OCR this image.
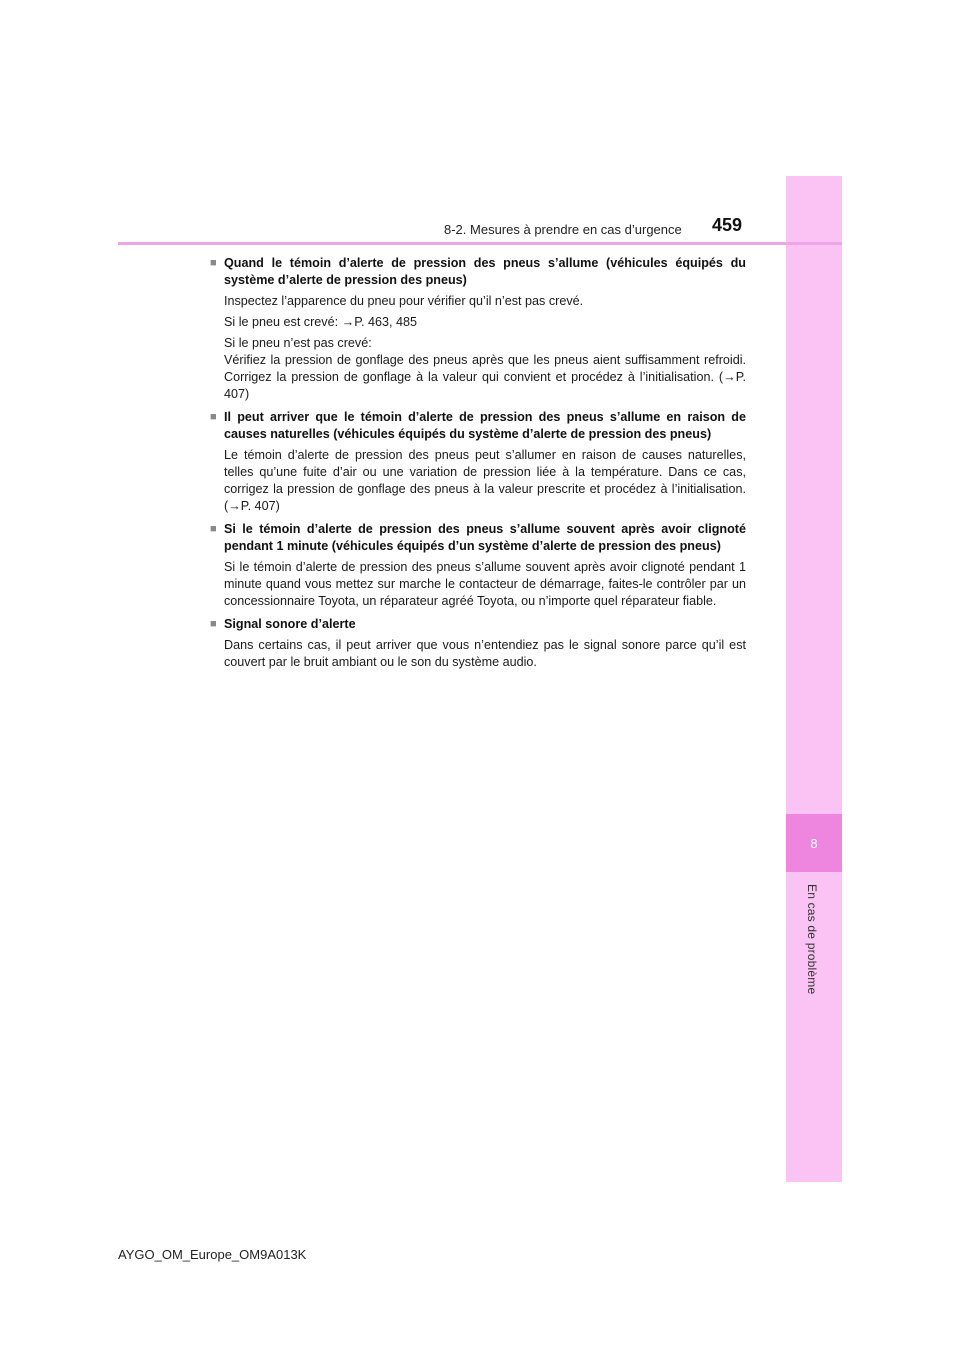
8
En cas de problème
8-2. Mesures à prendre en cas d’urgence 459
■ Quand le témoin d’alerte de pression des pneus s’allume (véhicules équipés du système d’alerte de pression des pneus)

Inspectez l’apparence du pneu pour vérifier qu’il n’est pas crevé.

Si le pneu est crevé: →P. 463, 485

Si le pneu n’est pas crevé:

Vérifiez la pression de gonflage des pneus après que les pneus aient suffisamment refroidi. Corrigez la pression de gonflage à la valeur qui convient et procédez à l’initialisation. (→P. 407)

■ Il peut arriver que le témoin d’alerte de pression des pneus s’allume en raison de causes naturelles (véhicules équipés du système d’alerte de pression des pneus)

Le témoin d’alerte de pression des pneus peut s’allumer en raison de causes naturelles, telles qu’une fuite d’air ou une variation de pression liée à la température. Dans ce cas, corrigez la pression de gonflage des pneus à la valeur prescrite et procédez à l’initialisation. (→P. 407)

■ Si le témoin d’alerte de pression des pneus s’allume souvent après avoir clignoté pendant 1 minute (véhicules équipés d’un système d’alerte de pression des pneus)

Si le témoin d’alerte de pression des pneus s’allume souvent après avoir clignoté pendant 1 minute quand vous mettez sur marche le contacteur de démarrage, faites-le contrôler par un concessionnaire Toyota, un réparateur agréé Toyota, ou n’importe quel réparateur fiable.

■ Signal sonore d’alerte

Dans certains cas, il peut arriver que vous n’entendiez pas le signal sonore parce qu’il est couvert par le bruit ambiant ou le son du système audio.

AYGO_OM_Europe_OM9A013K
